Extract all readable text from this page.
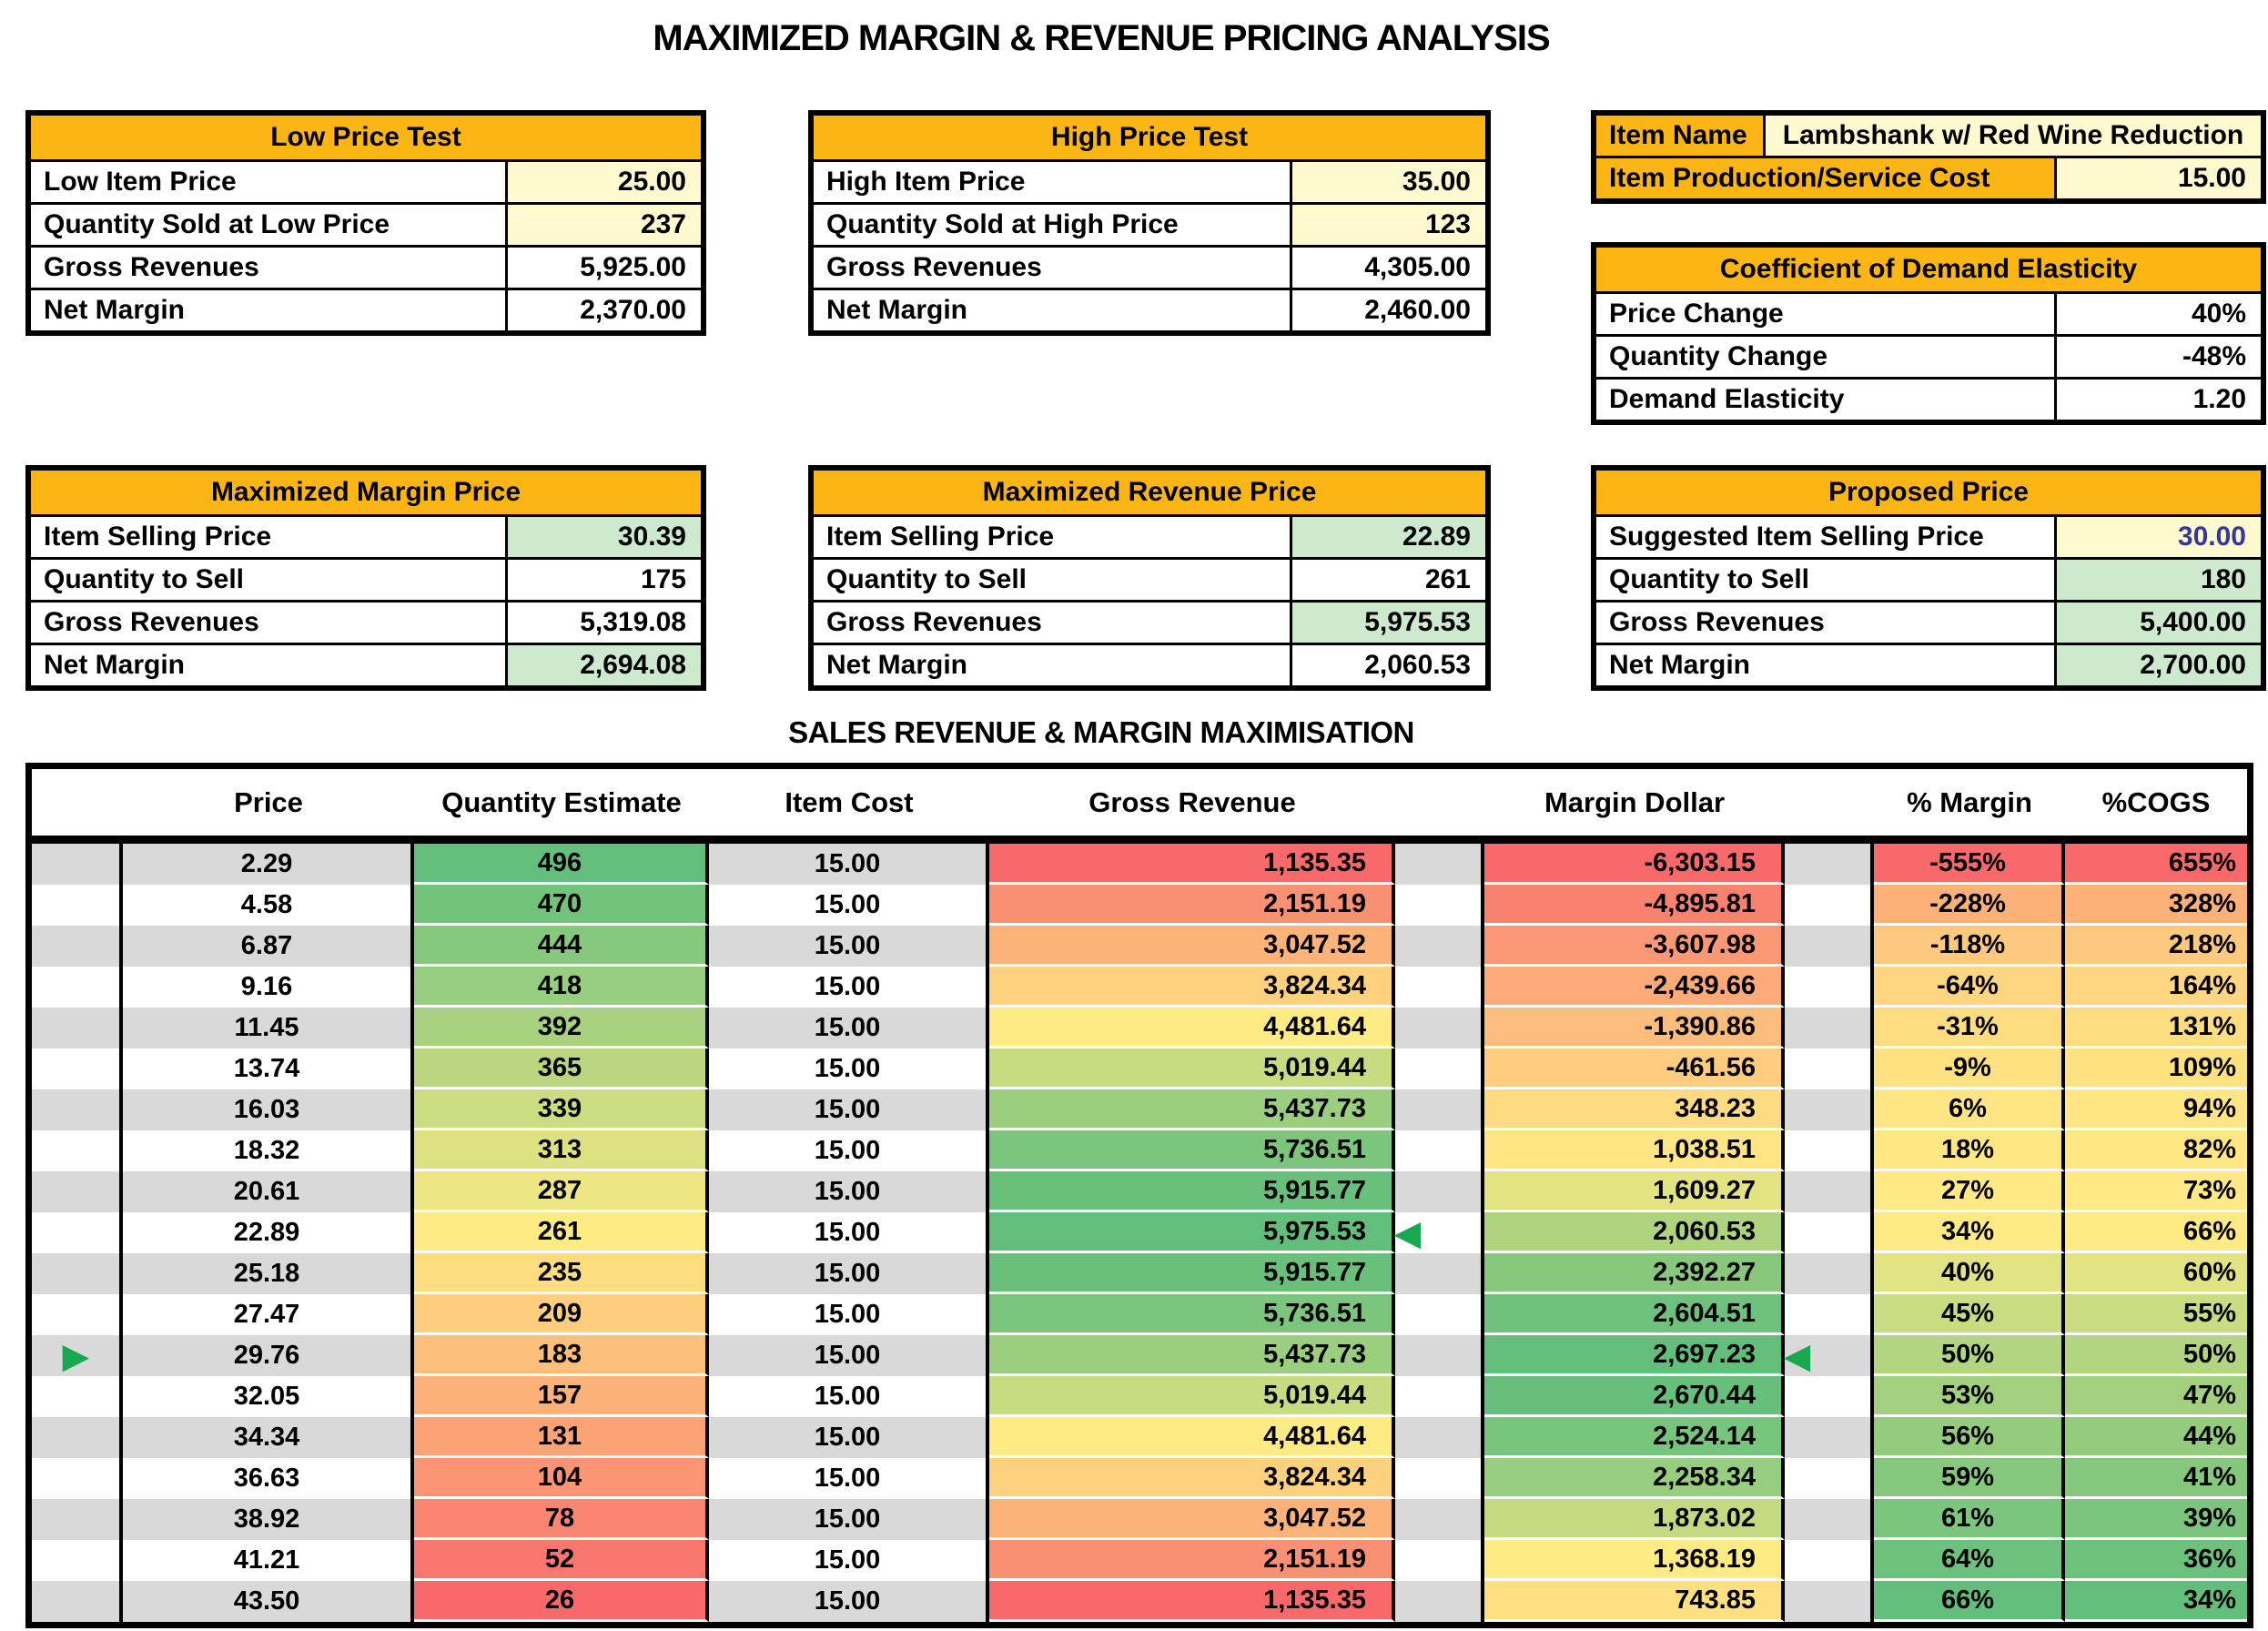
MAXIMIZED MARGIN & REVENUE PRICING ANALYSIS
Low Price Test
Low Item Price	25.00
Quantity Sold at Low Price	237
Gross Revenues	5,925.00
Net Margin	2,370.00
High Price Test
High Item Price	35.00
Quantity Sold at High Price	123
Gross Revenues	4,305.00
Net Margin	2,460.00
Item Name	Lambshank w/ Red Wine Reduction
Item Production/Service Cost	15.00
Coefficient of Demand Elasticity
Price Change	40%
Quantity Change	-48%
Demand Elasticity	1.20
Maximized Margin Price
Item Selling Price	30.39
Quantity to Sell	175
Gross Revenues	5,319.08
Net Margin	2,694.08
Maximized Revenue Price
Item Selling Price	22.89
Quantity to Sell	261
Gross Revenues	5,975.53
Net Margin	2,060.53
Proposed Price
Suggested Item Selling Price	30.00
Quantity to Sell	180
Gross Revenues	5,400.00
Net Margin	2,700.00
SALES REVENUE & MARGIN MAXIMISATION
Price	Quantity Estimate	Item Cost	Gross Revenue	Margin Dollar	% Margin	%COGS
2.29	496	15.00	1,135.35	-6,303.15	-555%	655%
4.58	470	15.00	2,151.19	-4,895.81	-228%	328%
6.87	444	15.00	3,047.52	-3,607.98	-118%	218%
9.16	418	15.00	3,824.34	-2,439.66	-64%	164%
11.45	392	15.00	4,481.64	-1,390.86	-31%	131%
13.74	365	15.00	5,019.44	-461.56	-9%	109%
16.03	339	15.00	5,437.73	348.23	6%	94%
18.32	313	15.00	5,736.51	1,038.51	18%	82%
20.61	287	15.00	5,915.77	1,609.27	27%	73%
22.89	261	15.00	5,975.53 ◀	2,060.53	34%	66%
25.18	235	15.00	5,915.77	2,392.27	40%	60%
27.47	209	15.00	5,736.51	2,604.51	45%	55%
▶	29.76	183	15.00	5,437.73	2,697.23 ◀	50%	50%
32.05	157	15.00	5,019.44	2,670.44	53%	47%
34.34	131	15.00	4,481.64	2,524.14	56%	44%
36.63	104	15.00	3,824.34	2,258.34	59%	41%
38.92	78	15.00	3,047.52	1,873.02	61%	39%
41.21	52	15.00	2,151.19	1,368.19	64%	36%
43.50	26	15.00	1,135.35	743.85	66%	34%
